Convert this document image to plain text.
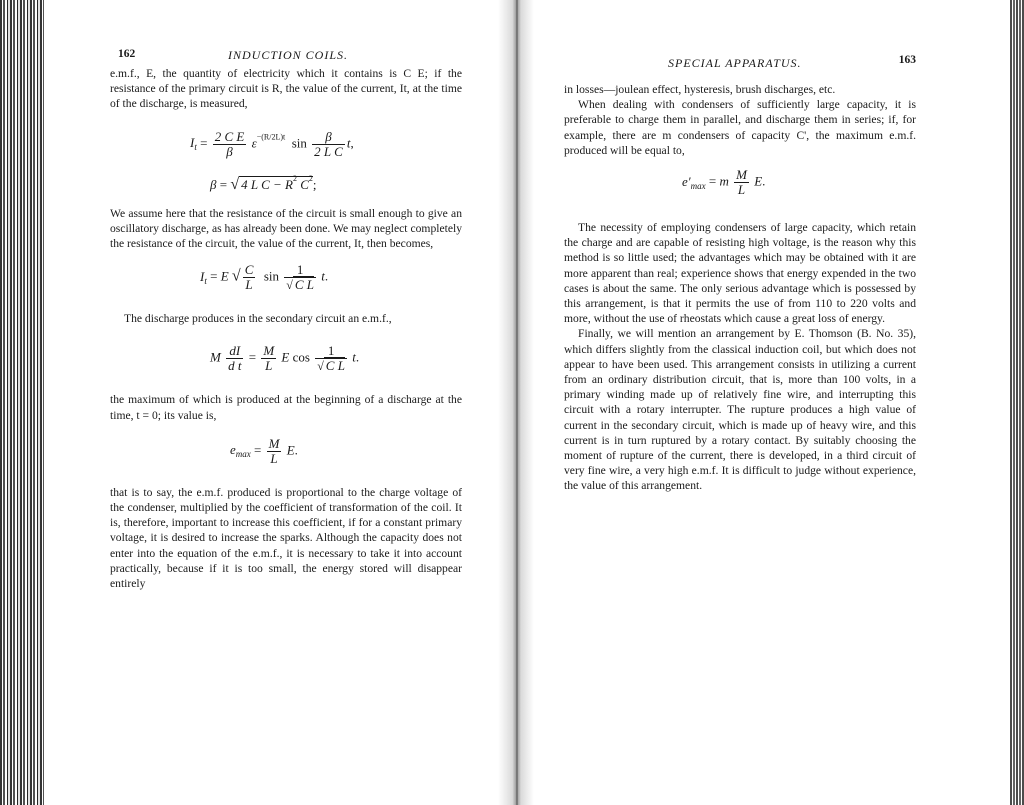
162	INDUCTION COILS.

e.m.f., E, the quantity of electricity which it contains is C E; if the resistance of the primary circuit is R, the value of the current, It, at the time of the discharge, is measured,

$I_t = \frac{\text{2 C E}}{\beta} \varepsilon^{-(R/2L)t}$  $\sin \frac{\beta}{\text{2 L C}} t$,
β = √ 4 L $C - R^2$ $C^2$;

We assume here that the resistance of the circuit is small enough to give an oscillatory discharge, as has already been done. We may neglect completely the resistance of the circuit, the value of the current, It, then becomes,

$I_t = E$ √ $\frac{C}{L}$ $\sin \frac{1}{\text{√ C L}} t$.

The discharge produces in the secondary circuit an e.m.f.,

M $\frac{dI}{\text{d t}} = \frac{M}{L}$ E $\cos \frac{1}{\text{√ C L}} t$.

the maximum of which is produced at the beginning of a discharge at the time, t = 0; its value is,

$e_{max} = \frac{M}{L} E$.

that is to say, the e.m.f. produced is proportional to the charge voltage of the condenser, multiplied by the coefficient of transformation of the coil. It is, therefore, important to increase this coefficient, if for a constant primary voltage, it is desired to increase the sparks. Although the capacity does not enter into the equation of the e.m.f., it is necessary to take it into account practically, because if it is too small, the energy stored will disappear entirely

SPECIAL APPARATUS.	163

in losses—joulean effect, hysteresis, brush discharges, etc.

When dealing with condensers of sufficiently large capacity, it is preferable to charge them in parallel, and discharge them in series; if, for example, there are m condensers of capacity C', the maximum e.m.f. produced will be equal to,

$e'_{max} = m \frac{M}{L} E$.

The necessity of employing condensers of large capacity, which retain the charge and are capable of resisting high voltage, is the reason why this method is so little used; the advantages which may be obtained with it are more apparent than real; experience shows that energy expended in the two cases is about the same. The only serious advantage which is possessed by this arrangement, is that it permits the use of from 110 to 220 volts and more, without the use of rheostats which cause a great loss of energy.

Finally, we will mention an arrangement by E. Thomson (B. No. 35), which differs slightly from the classical induction coil, but which does not appear to have been used. This arrangement consists in utilizing a current from an ordinary distribution circuit, that is, more than 100 volts, in a primary winding made up of relatively fine wire, and interrupting this circuit with a rotary interrupter. The rupture produces a high value of current in the secondary circuit, which is made up of heavy wire, and this current is in turn ruptured by a rotary contact. By suitably choosing the moment of rupture of the current, there is developed, in a third circuit of very fine wire, a very high e.m.f. It is difficult to judge without experience, the value of this arrangement.
